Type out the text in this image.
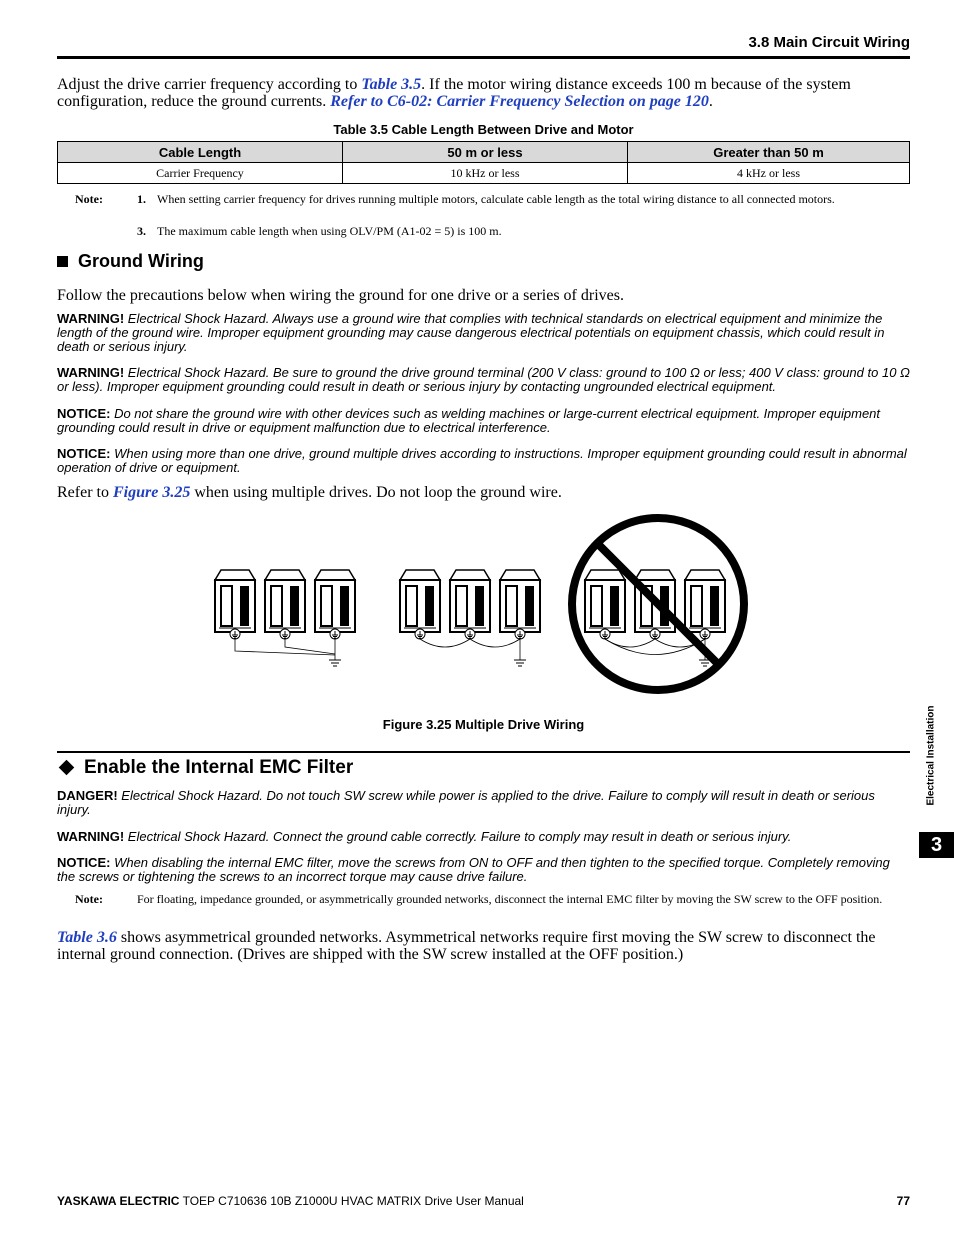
3.8 Main Circuit Wiring
Adjust the drive carrier frequency according to Table 3.5. If the motor wiring distance exceeds 100 m because of the system configuration, reduce the ground currents. Refer to C6-02: Carrier Frequency Selection on page 120.
Table 3.5 Cable Length Between Drive and Motor
Cable Length	50 m or less	Greater than 50 m
Carrier Frequency	10 kHz or less	4 kHz or less
Note:	1. When setting carrier frequency for drives running multiple motors, calculate cable length as the total wiring distance to all connected motors.
3. The maximum cable length when using OLV/PM (A1-02 = 5) is 100 m.
Ground Wiring
Follow the precautions below when wiring the ground for one drive or a series of drives.
WARNING! Electrical Shock Hazard. Always use a ground wire that complies with technical standards on electrical equipment and minimize the length of the ground wire. Improper equipment grounding may cause dangerous electrical potentials on equipment chassis, which could result in death or serious injury.
WARNING! Electrical Shock Hazard. Be sure to ground the drive ground terminal (200 V class: ground to 100 Ω or less; 400 V class: ground to 10 Ω or less). Improper equipment grounding could result in death or serious injury by contacting ungrounded electrical equipment.
NOTICE: Do not share the ground wire with other devices such as welding machines or large-current electrical equipment. Improper equipment grounding could result in drive or equipment malfunction due to electrical interference.
NOTICE: When using more than one drive, ground multiple drives according to instructions. Improper equipment grounding could result in abnormal operation of drive or equipment.
Refer to Figure 3.25 when using multiple drives. Do not loop the ground wire.
Figure 3.25 Multiple Drive Wiring
Enable the Internal EMC Filter
DANGER! Electrical Shock Hazard. Do not touch SW screw while power is applied to the drive. Failure to comply will result in death or serious injury.
WARNING! Electrical Shock Hazard. Connect the ground cable correctly. Failure to comply may result in death or serious injury.
NOTICE: When disabling the internal EMC filter, move the screws from ON to OFF and then tighten to the specified torque. Completely removing the screws or tightening the screws to an incorrect torque may cause drive failure.
Note:	For floating, impedance grounded, or asymmetrically grounded networks, disconnect the internal EMC filter by moving the SW screw to the OFF position.
Table 3.6 shows asymmetrical grounded networks. Asymmetrical networks require first moving the SW screw to disconnect the internal ground connection. (Drives are shipped with the SW screw installed at the OFF position.)
Electrical Installation
3
YASKAWA ELECTRIC TOEP C710636 10B Z1000U HVAC MATRIX Drive User Manual	77
